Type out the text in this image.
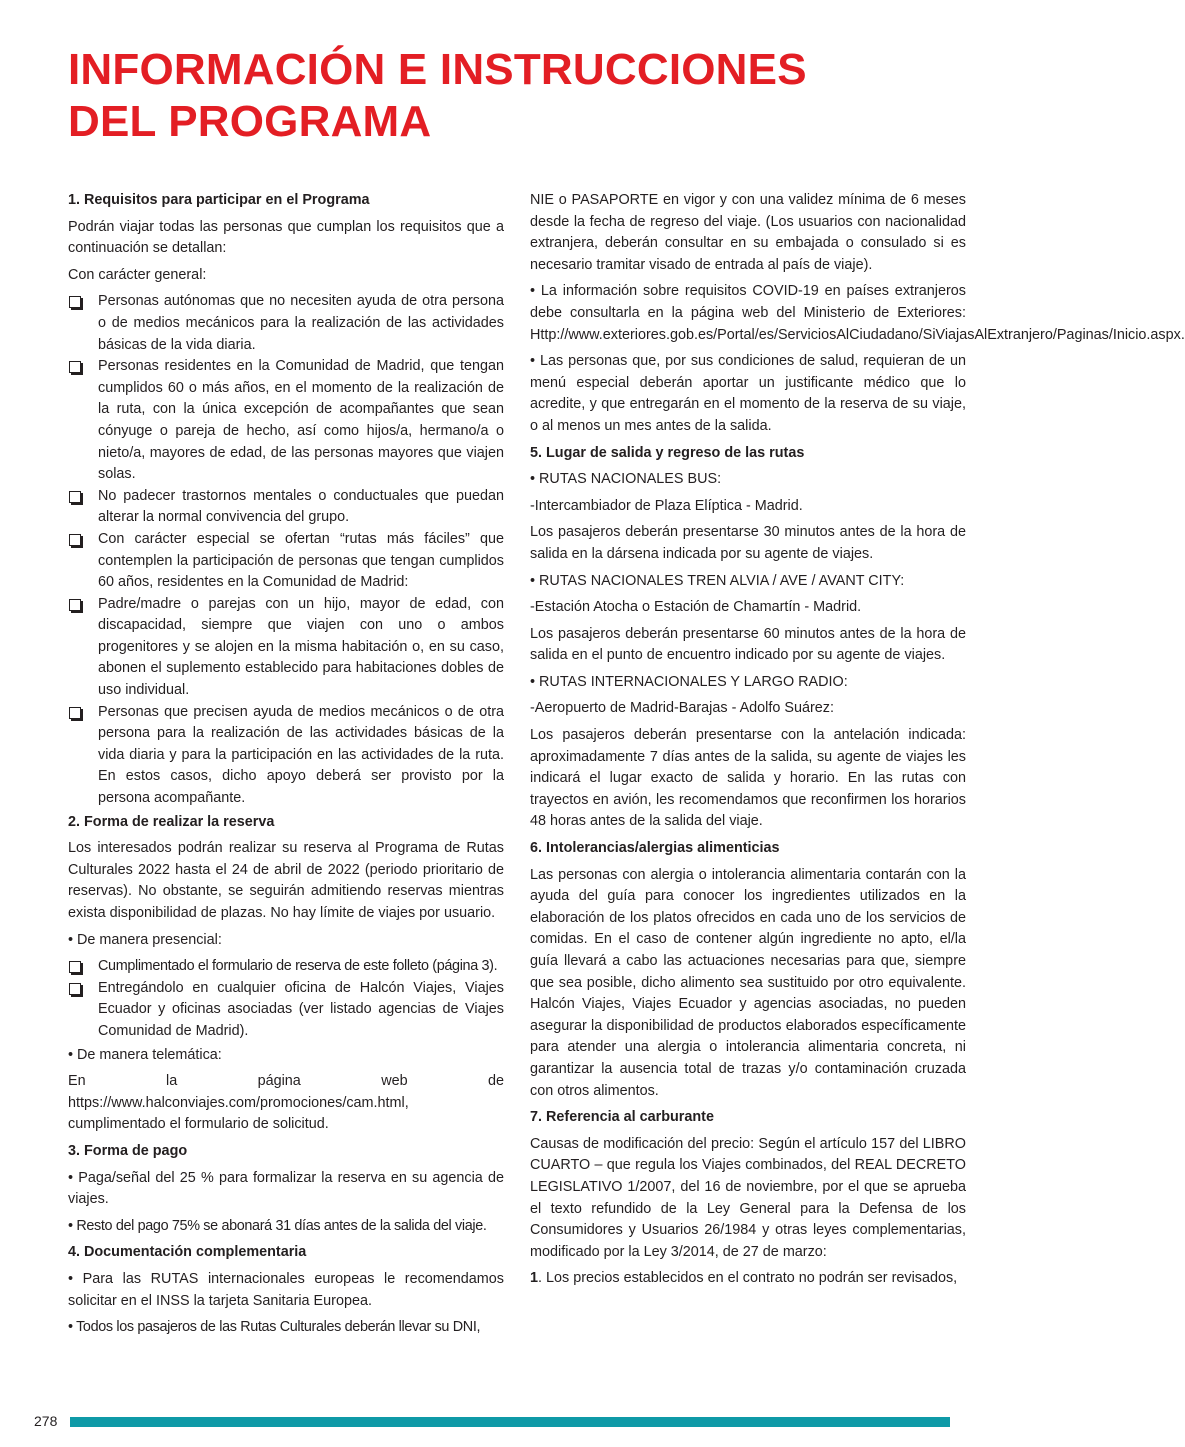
INFORMACIÓN E INSTRUCCIONES
DEL PROGRAMA

1. Requisitos para participar en el Programa

Podrán viajar todas las personas que cumplan los requisitos que a continuación se detallan:

Con carácter general:

Personas autónomas que no necesiten ayuda de otra persona o de medios mecánicos para la realización de las actividades básicas de la vida diaria.
Personas residentes en la Comunidad de Madrid, que tengan cumplidos 60 o más años, en el momento de la realización de la ruta, con la única excepción de acompañantes que sean cónyuge o pareja de hecho, así como hijos/a, hermano/a o nieto/a, mayores de edad, de las personas mayores que viajen solas.
No padecer trastornos mentales o conductuales que puedan alterar la normal convivencia del grupo.
Con carácter especial se ofertan “rutas más fáciles” que contemplen la participación de personas que tengan cumplidos 60 años, residentes en la Comunidad de Madrid:
Padre/madre o parejas con un hijo, mayor de edad, con discapacidad, siempre que viajen con uno o ambos progenitores y se alojen en la misma habitación o, en su caso, abonen el suplemento establecido para habitaciones dobles de uso individual.
Personas que precisen ayuda de medios mecánicos o de otra persona para la realización de las actividades básicas de la vida diaria y para la participación en las actividades de la ruta. En estos casos, dicho apoyo deberá ser provisto por la persona acompañante.

2. Forma de realizar la reserva

Los interesados podrán realizar su reserva al Programa de Rutas Culturales 2022 hasta el 24 de abril de 2022 (periodo prioritario de reservas). No obstante, se seguirán admitiendo reservas mientras exista disponibilidad de plazas. No hay límite de viajes por usuario.

• De manera presencial:

Cumplimentado el formulario de reserva de este folleto (página 3).
Entregándolo en cualquier oficina de Halcón Viajes, Viajes Ecuador y oficinas asociadas (ver listado agencias de Viajes Comunidad de Madrid).

• De manera telemática:

En la página web de https://www.halconviajes.com/promociones/cam.html, cumplimentado el formulario de solicitud.

3. Forma de pago

• Paga/señal del 25 % para formalizar la reserva en su agencia de viajes.

• Resto del pago 75% se abonará 31 días antes de la salida del viaje.

4. Documentación complementaria

• Para las RUTAS internacionales europeas le recomendamos solicitar en el INSS la tarjeta Sanitaria Europea.

• Todos los pasajeros de las Rutas Culturales deberán llevar su DNI,

NIE o PASAPORTE en vigor y con una validez mínima de 6 meses desde la fecha de regreso del viaje. (Los usuarios con nacionalidad extranjera, deberán consultar en su embajada o consulado si es necesario tramitar visado de entrada al país de viaje).

• La información sobre requisitos COVID-19 en países extranjeros debe consultarla en la página web del Ministerio de Exteriores: Http://www.exteriores.gob.es/Portal/es/ServiciosAlCiudadano/SiViajasAlExtranjero/Paginas/Inicio.aspx.

• Las personas que, por sus condiciones de salud, requieran de un menú especial deberán aportar un justificante médico que lo acredite, y que entregarán en el momento de la reserva de su viaje, o al menos un mes antes de la salida.

5. Lugar de salida y regreso de las rutas

• RUTAS NACIONALES BUS:

-Intercambiador de Plaza Elíptica - Madrid.

Los pasajeros deberán presentarse 30 minutos antes de la hora de salida en la dársena indicada por su agente de viajes.

• RUTAS NACIONALES TREN ALVIA / AVE / AVANT CITY:

-Estación Atocha o Estación de Chamartín - Madrid.

Los pasajeros deberán presentarse 60 minutos antes de la hora de salida en el punto de encuentro indicado por su agente de viajes.

• RUTAS INTERNACIONALES Y LARGO RADIO:

-Aeropuerto de Madrid-Barajas - Adolfo Suárez:

Los pasajeros deberán presentarse con la antelación indicada: aproximadamente 7 días antes de la salida, su agente de viajes les indicará el lugar exacto de salida y horario. En las rutas con trayectos en avión, les recomendamos que reconfirmen los horarios 48 horas antes de la salida del viaje.

6. Intolerancias/alergias alimenticias

Las personas con alergia o intolerancia alimentaria contarán con la ayuda del guía para conocer los ingredientes utilizados en la elaboración de los platos ofrecidos en cada uno de los servicios de comidas. En el caso de contener algún ingrediente no apto, el/la guía llevará a cabo las actuaciones necesarias para que, siempre que sea posible, dicho alimento sea sustituido por otro equivalente. Halcón Viajes, Viajes Ecuador y agencias asociadas, no pueden asegurar la disponibilidad de productos elaborados específicamente para atender una alergia o intolerancia alimentaria concreta, ni garantizar la ausencia total de trazas y/o contaminación cruzada con otros alimentos.

7. Referencia al carburante

Causas de modificación del precio: Según el artículo 157 del LIBRO CUARTO – que regula los Viajes combinados, del REAL DECRETO LEGISLATIVO 1/2007, del 16 de noviembre, por el que se aprueba el texto refundido de la Ley General para la Defensa de los Consumidores y Usuarios 26/1984 y otras leyes complementarias, modificado por la Ley 3/2014, de 27 de marzo:

1. Los precios establecidos en el contrato no podrán ser revisados,

278
